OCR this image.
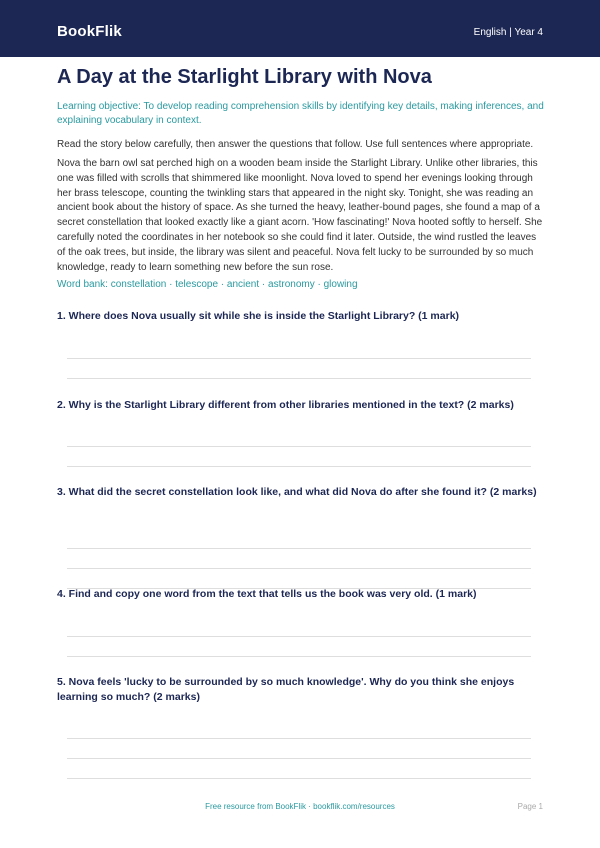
BookFlik	English | Year 4
A Day at the Starlight Library with Nova
Learning objective: To develop reading comprehension skills by identifying key details, making inferences, and explaining vocabulary in context.
Read the story below carefully, then answer the questions that follow. Use full sentences where appropriate.
Nova the barn owl sat perched high on a wooden beam inside the Starlight Library. Unlike other libraries, this one was filled with scrolls that shimmered like moonlight. Nova loved to spend her evenings looking through her brass telescope, counting the twinkling stars that appeared in the night sky. Tonight, she was reading an ancient book about the history of space. As she turned the heavy, leather-bound pages, she found a map of a secret constellation that looked exactly like a giant acorn. 'How fascinating!' Nova hooted softly to herself. She carefully noted the coordinates in her notebook so she could find it later. Outside, the wind rustled the leaves of the oak trees, but inside, the library was silent and peaceful. Nova felt lucky to be surrounded by so much knowledge, ready to learn something new before the sun rose.
Word bank: constellation · telescope · ancient · astronomy · glowing
1. Where does Nova usually sit while she is inside the Starlight Library? (1 mark)
2. Why is the Starlight Library different from other libraries mentioned in the text? (2 marks)
3. What did the secret constellation look like, and what did Nova do after she found it? (2 marks)
4. Find and copy one word from the text that tells us the book was very old. (1 mark)
5. Nova feels 'lucky to be surrounded by so much knowledge'. Why do you think she enjoys learning so much? (2 marks)
Free resource from BookFlik · bookflik.com/resources	Page 1
